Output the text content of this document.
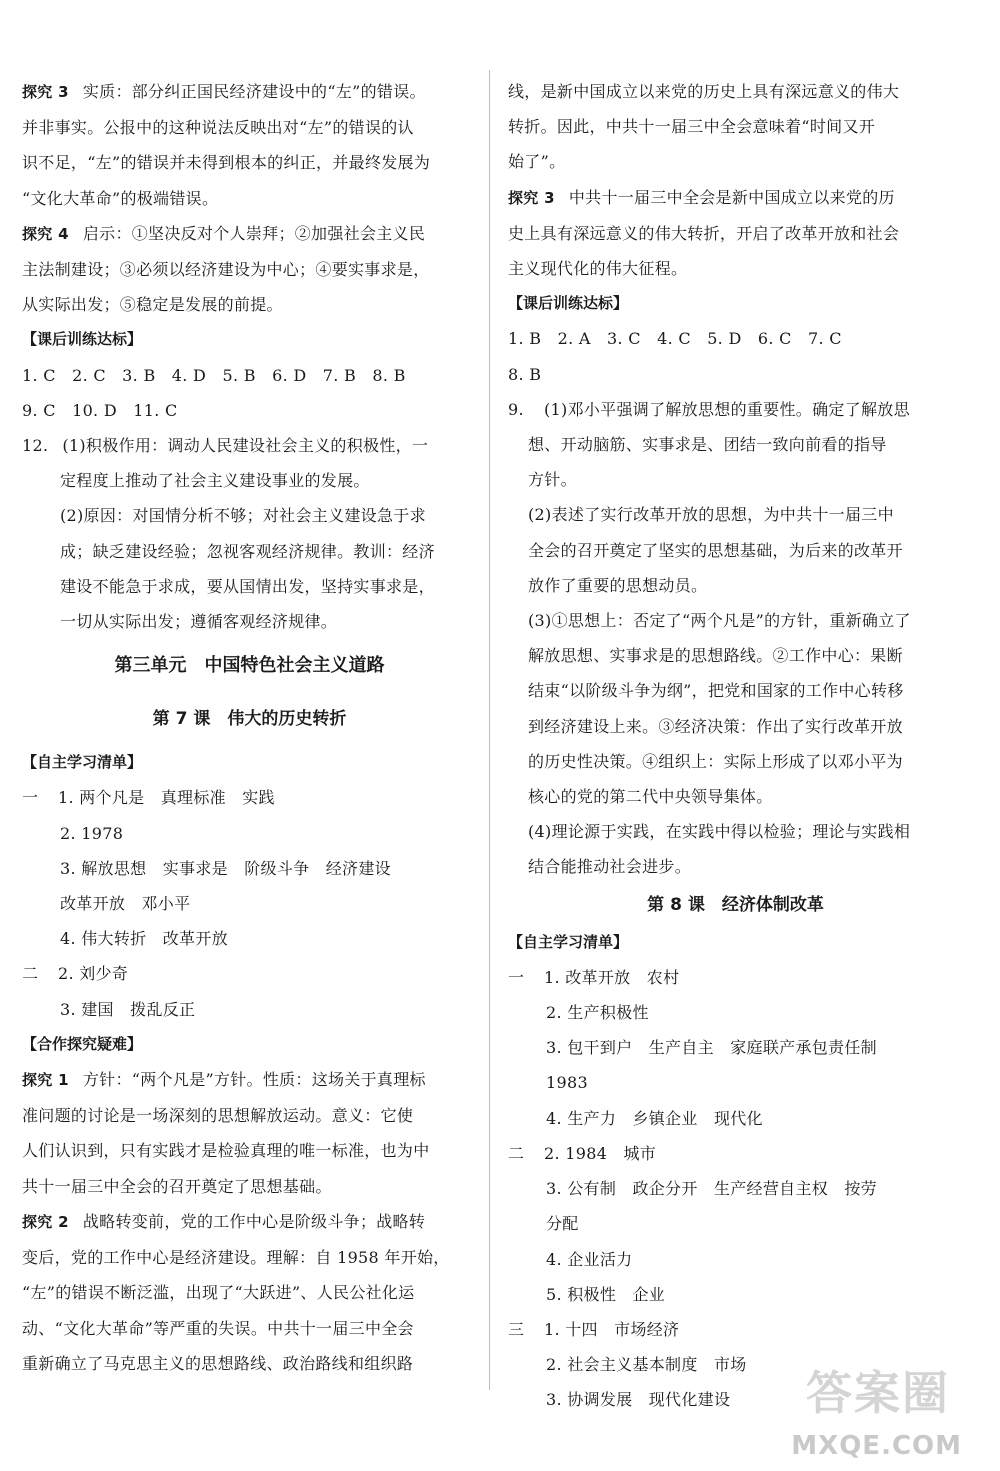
探究 3 实质：部分纠正国民经济建设中的“左”的错误。
并非事实。公报中的这种说法反映出对“左”的错误的认
识不足，“左”的错误并未得到根本的纠正，并最终发展为
“文化大革命”的极端错误。
探究 4 启示：①坚决反对个人崇拜；②加强社会主义民
主法制建设；③必须以经济建设为中心；④要实事求是，
从实际出发；⑤稳定是发展的前提。
【课后训练达标】
1. C　2. C　3. B　4. D　5. B　6. D　7. B　8. B
9. C　10. D　11. C
12. (1)积极作用：调动人民建设社会主义的积极性，一
定程度上推动了社会主义建设事业的发展。
(2)原因：对国情分析不够；对社会主义建设急于求
成；缺乏建设经验；忽视客观经济规律。教训：经济
建设不能急于求成，要从国情出发，坚持实事求是，
一切从实际出发；遵循客观经济规律。
第三单元　中国特色社会主义道路
第 7 课　伟大的历史转折
【自主学习清单】
一 1. 两个凡是　真理标准　实践
2. 1978
3. 解放思想　实事求是　阶级斗争　经济建设
改革开放　邓小平
4. 伟大转折　改革开放
二 2. 刘少奇
3. 建国　拨乱反正
【合作探究疑难】
探究 1 方针：“两个凡是”方针。性质：这场关于真理标
准问题的讨论是一场深刻的思想解放运动。意义：它使
人们认识到，只有实践才是检验真理的唯一标准，也为中
共十一届三中全会的召开奠定了思想基础。
探究 2 战略转变前，党的工作中心是阶级斗争；战略转
变后，党的工作中心是经济建设。理解：自 1958 年开始，
“左”的错误不断泛滥，出现了“大跃进”、人民公社化运
动、“文化大革命”等严重的失误。中共十一届三中全会
重新确立了马克思主义的思想路线、政治路线和组织路
线，是新中国成立以来党的历史上具有深远意义的伟大
转折。因此，中共十一届三中全会意味着“时间又开
始了”。
探究 3 中共十一届三中全会是新中国成立以来党的历
史上具有深远意义的伟大转折，开启了改革开放和社会
主义现代化的伟大征程。
【课后训练达标】
1. B　2. A　3. C　4. C　5. D　6. C　7. C
8. B
9. (1)邓小平强调了解放思想的重要性。确定了解放思
想、开动脑筋、实事求是、团结一致向前看的指导
方针。
(2)表述了实行改革开放的思想，为中共十一届三中
全会的召开奠定了坚实的思想基础，为后来的改革开
放作了重要的思想动员。
(3)①思想上：否定了“两个凡是”的方针，重新确立了
解放思想、实事求是的思想路线。②工作中心：果断
结束“以阶级斗争为纲”，把党和国家的工作中心转移
到经济建设上来。③经济决策：作出了实行改革开放
的历史性决策。④组织上：实际上形成了以邓小平为
核心的党的第二代中央领导集体。
(4)理论源于实践，在实践中得以检验；理论与实践相
结合能推动社会进步。
第 8 课　经济体制改革
【自主学习清单】
一 1. 改革开放　农村
2. 生产积极性
3. 包干到户　生产自主　家庭联产承包责任制
1983
4. 生产力　乡镇企业　现代化
二 2. 1984　城市
3. 公有制　政企分开　生产经营自主权　按劳
分配
4. 企业活力
5. 积极性　企业
三 1. 十四　市场经济
2. 社会主义基本制度　市场
3. 协调发展　现代化建设	答案圈
MXQE.COM
